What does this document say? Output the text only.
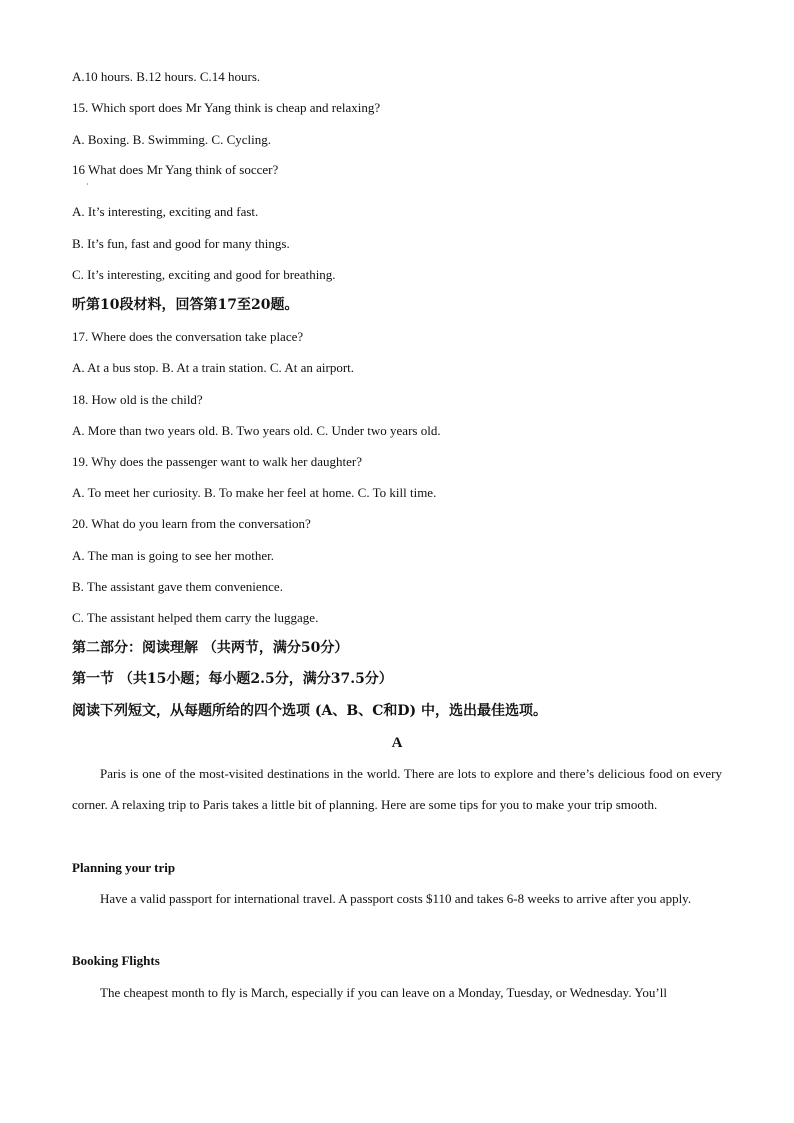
A.10 hours. B.12 hours. C.14 hours.
15. Which sport does Mr Yang think is cheap and relaxing?
A. Boxing. B. Swimming. C. Cycling.
16 What does Mr Yang think of soccer?
·
A. It’s interesting, exciting and fast.
B. It’s fun, fast and good for many things.
C. It’s interesting, exciting and good for breathing.
听第10段材料，回答第17至20题。
17. Where does the conversation take place?
A. At a bus stop. B. At a train station. C. At an airport.
18. How old is the child?
A. More than two years old. B. Two years old. C. Under two years old.
19. Why does the passenger want to walk her daughter?
A. To meet her curiosity. B. To make her feel at home. C. To kill time.
20. What do you learn from the conversation?
A. The man is going to see her mother.
B. The assistant gave them convenience.
C. The assistant helped them carry the luggage.
第二部分：阅读理解 （共两节，满分50分）
第一节 （共15小题；每小题2.5分，满分37.5分）
阅读下列短文，从每题所给的四个选项 (A、B、C和D) 中，选出最佳选项。
A
Paris is one of the most-visited destinations in the world. There are lots to explore and there’s delicious food on every corner. A relaxing trip to Paris takes a little bit of planning. Here are some tips for you to make your trip smooth.
Planning your trip
Have a valid passport for international travel. A passport costs $110 and takes 6-8 weeks to arrive after you apply.
Booking Flights
The cheapest month to fly is March, especially if you can leave on a Monday, Tuesday, or Wednesday. You’ll
